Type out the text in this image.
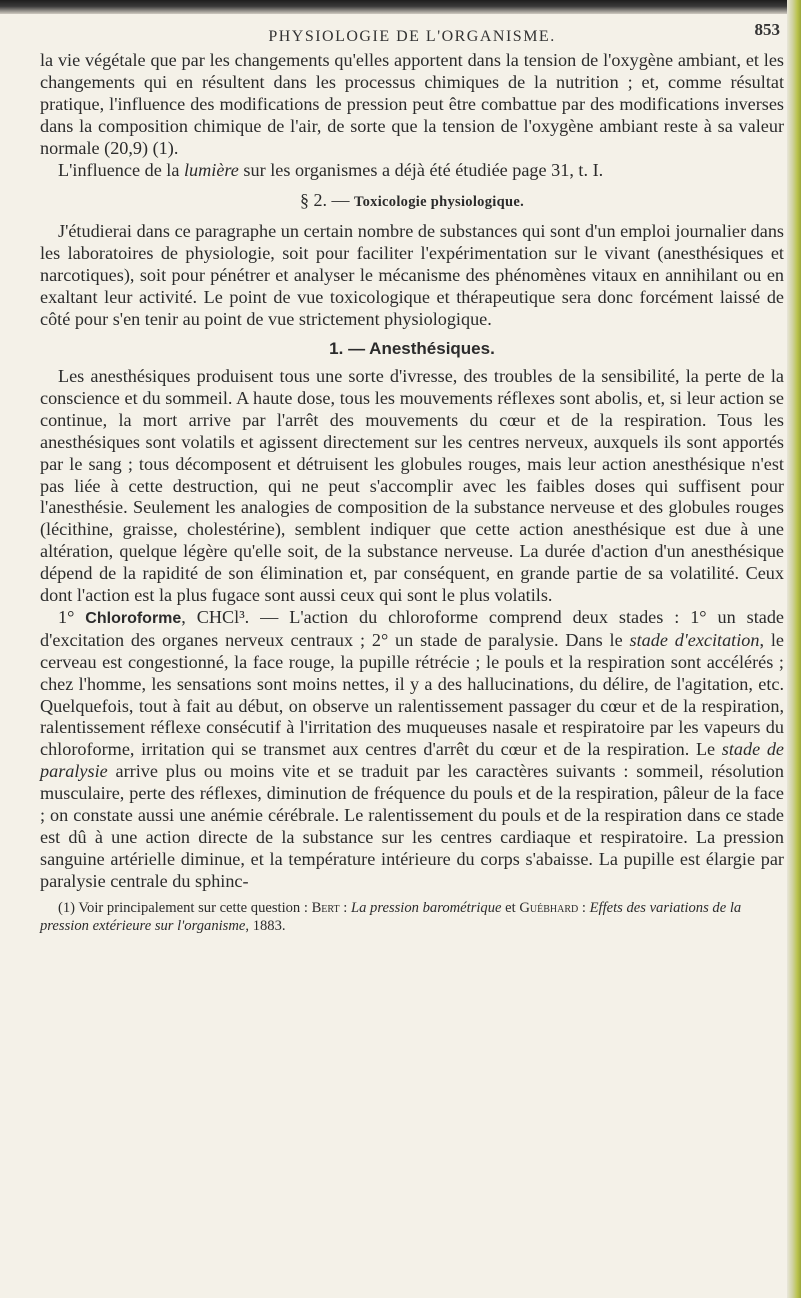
PHYSIOLOGIE DE L'ORGANISME.	853

la vie végétale que par les changements qu'elles apportent dans la tension de l'oxygène ambiant, et les changements qui en résultent dans les processus chimiques de la nutrition ; et, comme résultat pratique, l'influence des modifications de pression peut être combattue par des modifications inverses dans la composition chimique de l'air, de sorte que la tension de l'oxygène ambiant reste à sa valeur normale (20,9) (1).

L'influence de la lumière sur les organismes a déjà été étudiée page 31, t. I.

§ 2. — Toxicologie physiologique.

J'étudierai dans ce paragraphe un certain nombre de substances qui sont d'un emploi journalier dans les laboratoires de physiologie, soit pour faciliter l'expérimentation sur le vivant (anesthésiques et narcotiques), soit pour pénétrer et analyser le mécanisme des phénomènes vitaux en annihilant ou en exaltant leur activité. Le point de vue toxicologique et thérapeutique sera donc forcément laissé de côté pour s'en tenir au point de vue strictement physiologique.

1. — Anesthésiques.

Les anesthésiques produisent tous une sorte d'ivresse, des troubles de la sensibilité, la perte de la conscience et du sommeil. A haute dose, tous les mouvements réflexes sont abolis, et, si leur action se continue, la mort arrive par l'arrêt des mouvements du cœur et de la respiration. Tous les anesthésiques sont volatils et agissent directement sur les centres nerveux, auxquels ils sont apportés par le sang ; tous décomposent et détruisent les globules rouges, mais leur action anesthésique n'est pas liée à cette destruction, qui ne peut s'accomplir avec les faibles doses qui suffisent pour l'anesthésie. Seulement les analogies de composition de la substance nerveuse et des globules rouges (lécithine, graisse, cholestérine), semblent indiquer que cette action anesthésique est due à une altération, quelque légère qu'elle soit, de la substance nerveuse. La durée d'action d'un anesthésique dépend de la rapidité de son élimination et, par conséquent, en grande partie de sa volatilité. Ceux dont l'action est la plus fugace sont aussi ceux qui sont le plus volatils.

1° Chloroforme, CHCl³. — L'action du chloroforme comprend deux stades : 1° un stade d'excitation des organes nerveux centraux ; 2° un stade de paralysie. Dans le stade d'excitation, le cerveau est congestionné, la face rouge, la pupille rétrécie ; le pouls et la respiration sont accélérés ; chez l'homme, les sensations sont moins nettes, il y a des hallucinations, du délire, de l'agitation, etc. Quelquefois, tout à fait au début, on observe un ralentissement passager du cœur et de la respiration, ralentissement réflexe consécutif à l'irritation des muqueuses nasale et respiratoire par les vapeurs du chloroforme, irritation qui se transmet aux centres d'arrêt du cœur et de la respiration. Le stade de paralysie arrive plus ou moins vite et se traduit par les caractères suivants : sommeil, résolution musculaire, perte des réflexes, diminution de fréquence du pouls et de la respiration, pâleur de la face ; on constate aussi une anémie cérébrale. Le ralentissement du pouls et de la respiration dans ce stade est dû à une action directe de la substance sur les centres cardiaque et respiratoire. La pression sanguine artérielle diminue, et la température intérieure du corps s'abaisse. La pupille est élargie par paralysie centrale du sphinc-

(1) Voir principalement sur cette question : Bert : La pression barométrique et Guébhard : Effets des variations de la pression extérieure sur l'organisme, 1883.
